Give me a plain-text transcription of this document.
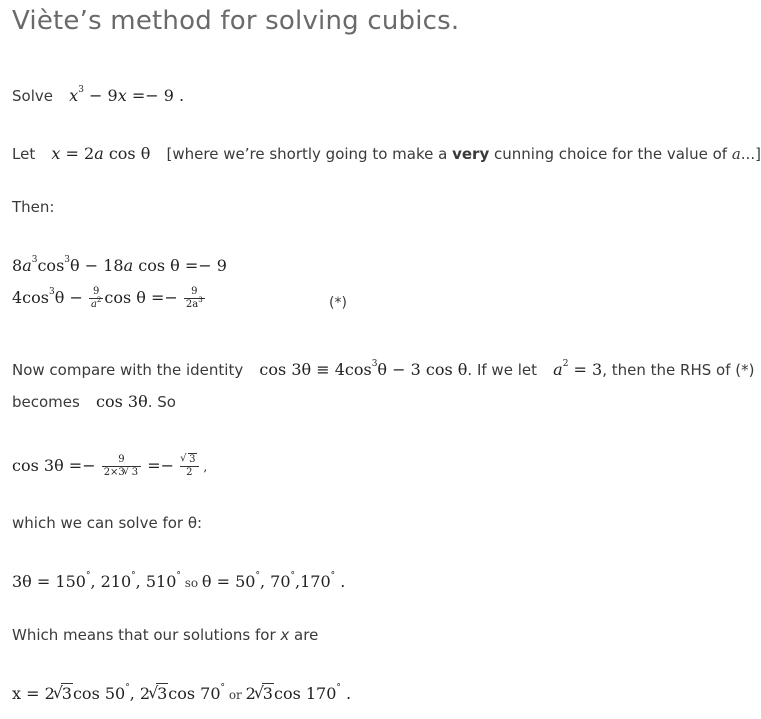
Viète’s method for solving cubics.
Solve $x^3 - 9x =- 9$ .
Let x = 2a cos θ [where we’re shortly going to make a very cunning choice for the value of a...]
Then:
$8a^3\cos^3\theta - 18a$ cos θ =− 9
$4\cos^3\theta - \frac{9}{a^2}$ $\cos \theta =- \frac{9}{2a^3}$	(*)
Now compare with the identity $\cos 3\theta \equiv 4\cos^3\theta - 3$ cos θ. If we let $a^2 = 3$, then the RHS of (*)
becomes cos 3θ. So
$\cos 3\theta =- \frac{9}{2\times 3 √ 3}$ =− √ $\frac{3}{2}$ ,
which we can solve for θ:
3θ = 150°, 210°, 510° so θ = 50°, 70°,170° .
Which means that our solutions for x are
x = 2 √ 3cos 50°, 2 √ 3cos 70° or 2 √ 3cos 170° .
